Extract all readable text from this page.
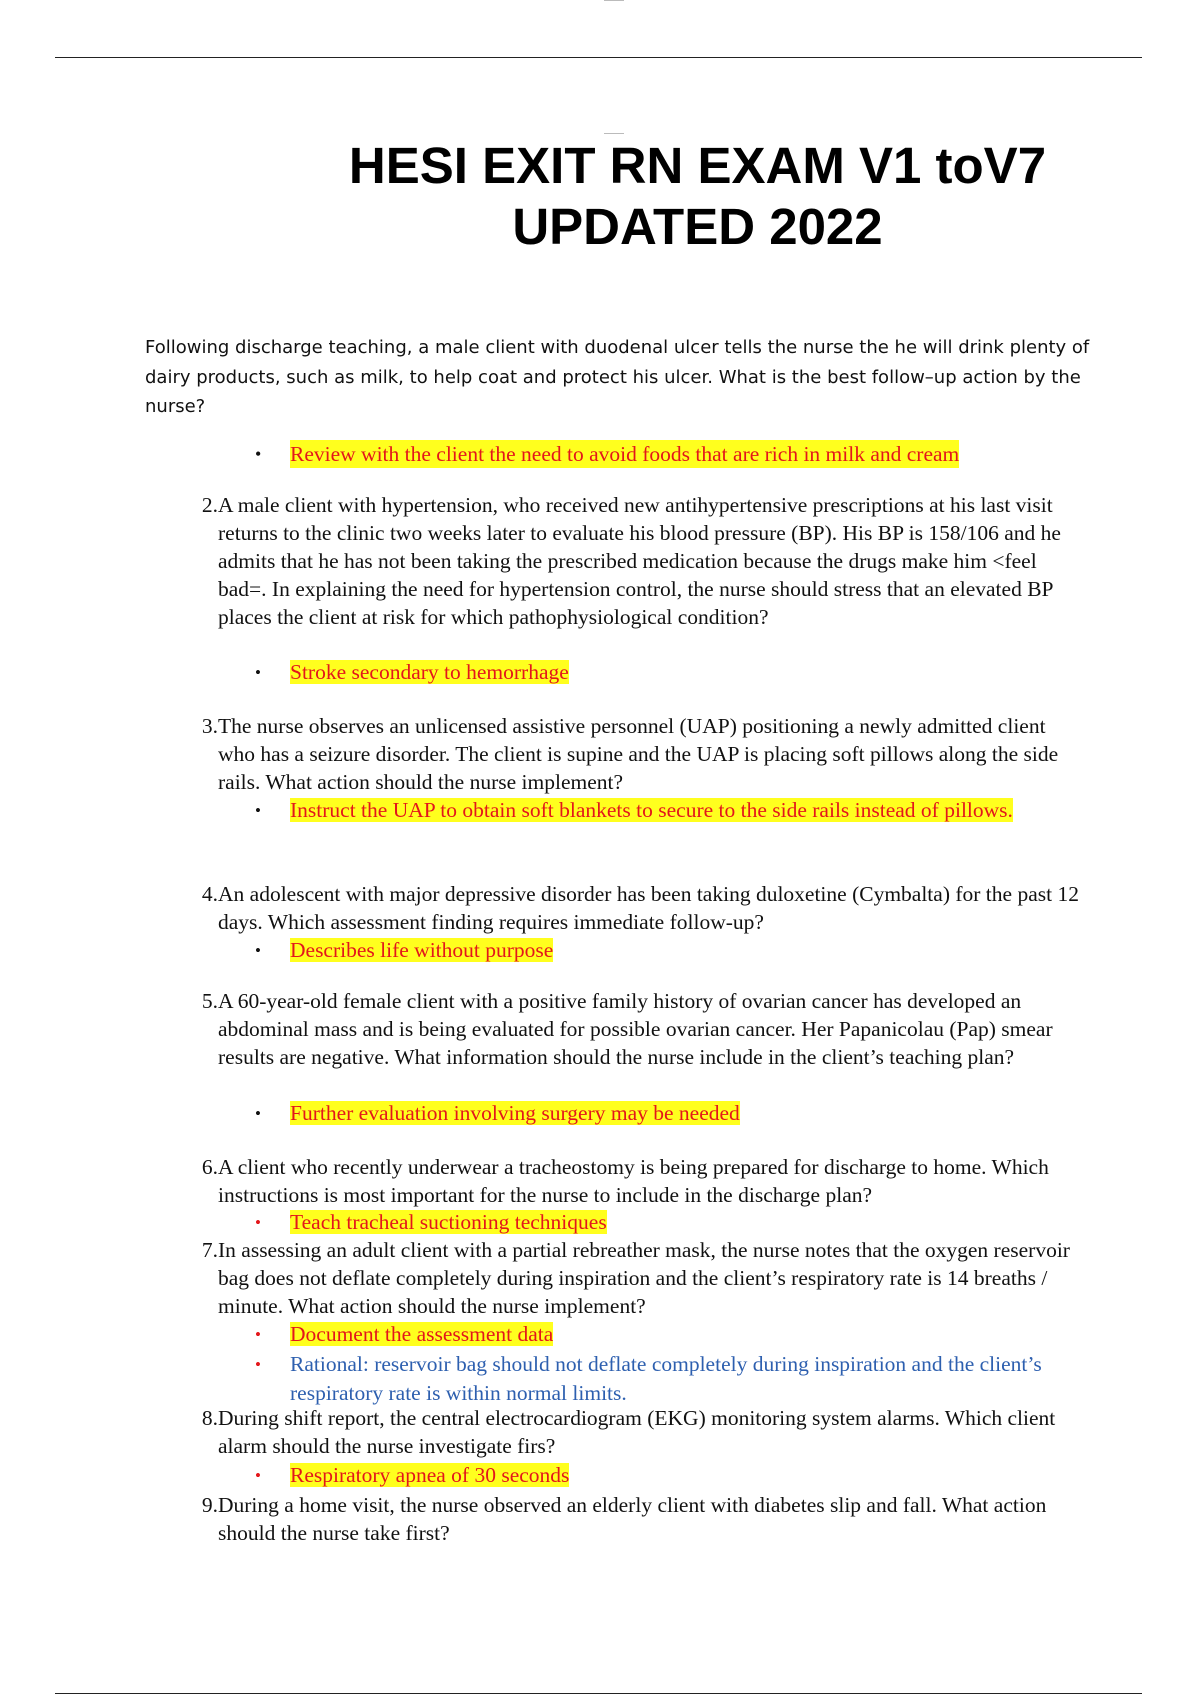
HESI EXIT RN EXAM V1 toV7
UPDATED 2022

Following discharge teaching, a male client with duodenal ulcer tells the nurse the he will drink plenty of dairy products, such as milk, to help coat and protect his ulcer. What is the best follow–up action by the nurse?

•	Review with the client the need to avoid foods that are rich in milk and cream
2. A male client with hypertension, who received new antihypertensive prescriptions at his last visit returns to the clinic two weeks later to evaluate his blood pressure (BP). His BP is 158/106 and he admits that he has not been taking the prescribed medication because the drugs make him <feel bad=. In explaining the need for hypertension control, the nurse should stress that an elevated BP places the client at risk for which pathophysiological condition?
•	Stroke secondary to hemorrhage
3. The nurse observes an unlicensed assistive personnel (UAP) positioning a newly admitted client who has a seizure disorder. The client is supine and the UAP is placing soft pillows along the side rails. What action should the nurse implement?
•	Instruct the UAP to obtain soft blankets to secure to the side rails instead of pillows.
4. An adolescent with major depressive disorder has been taking duloxetine (Cymbalta) for the past 12 days. Which assessment finding requires immediate follow-up?
•	Describes life without purpose
5. A 60-year-old female client with a positive family history of ovarian cancer has developed an abdominal mass and is being evaluated for possible ovarian cancer. Her Papanicolau (Pap) smear results are negative. What information should the nurse include in the client’s teaching plan?
•	Further evaluation involving surgery may be needed
6. A client who recently underwear a tracheostomy is being prepared for discharge to home. Which instructions is most important for the nurse to include in the discharge plan?
•	Teach tracheal suctioning techniques
7. In assessing an adult client with a partial rebreather mask, the nurse notes that the oxygen reservoir bag does not deflate completely during inspiration and the client’s respiratory rate is 14 breaths / minute. What action should the nurse implement?
•	Document the assessment data
•	Rational: reservoir bag should not deflate completely during inspiration and the client’s respiratory rate is within normal limits.
8. During shift report, the central electrocardiogram (EKG) monitoring system alarms. Which client alarm should the nurse investigate firs?
•	Respiratory apnea of 30 seconds
9. During a home visit, the nurse observed an elderly client with diabetes slip and fall. What action should the nurse take first?
